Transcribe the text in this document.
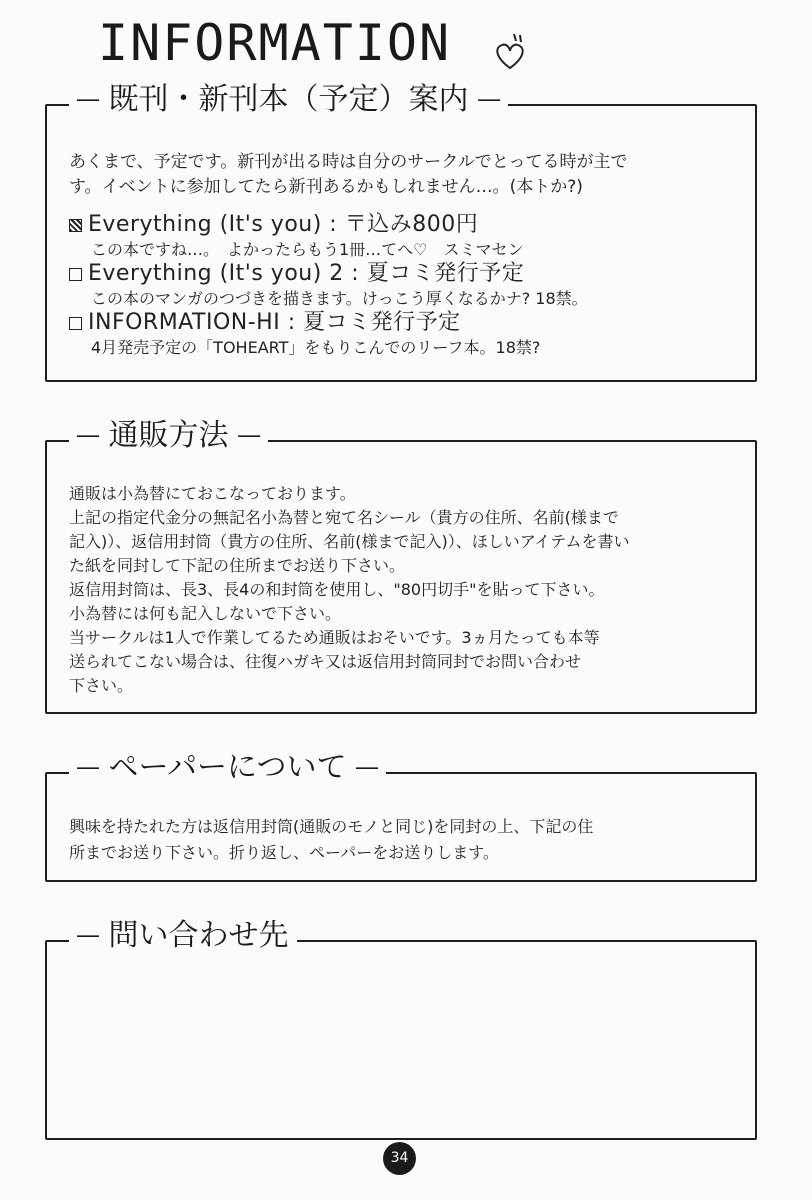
INFORMATION
― 既刊・新刊本（予定）案内 ―
あくまで、予定です。新刊が出る時は自分のサークルでとってる時が主で
す。イベントに参加してたら新刊あるかもしれません…。(本トか?)
Everything (It's you) : 〒込み800円
この本ですね…。　よかったらもう1冊…てへ♡　スミマセン
Everything (It's you) 2 : 夏コミ発行予定
この本のマンガのつづきを描きます。けっこう厚くなるかナ? 18禁。
INFORMATION-HI : 夏コミ発行予定
4月発売予定の「TOHEART」をもりこんでのリーフ本。18禁?
― 通販方法 ―
通販は小為替にておこなっております。
上記の指定代金分の無記名小為替と宛て名シール（貴方の住所、名前(様まで
記入)）、返信用封筒（貴方の住所、名前(様まで記入)）、ほしいアイテムを書い
た紙を同封して下記の住所までお送り下さい。
返信用封筒は、長3、長4の和封筒を使用し、"80円切手"を貼って下さい。
小為替には何も記入しないで下さい。
当サークルは1人で作業してるため通販はおそいです。3ヵ月たっても本等
送られてこない場合は、往復ハガキ又は返信用封筒同封でお問い合わせ
下さい。
― ペーパーについて ―
興味を持たれた方は返信用封筒(通販のモノと同じ)を同封の上、下記の住
所までお送り下さい。折り返し、ペーパーをお送りします。
― 問い合わせ先
34
